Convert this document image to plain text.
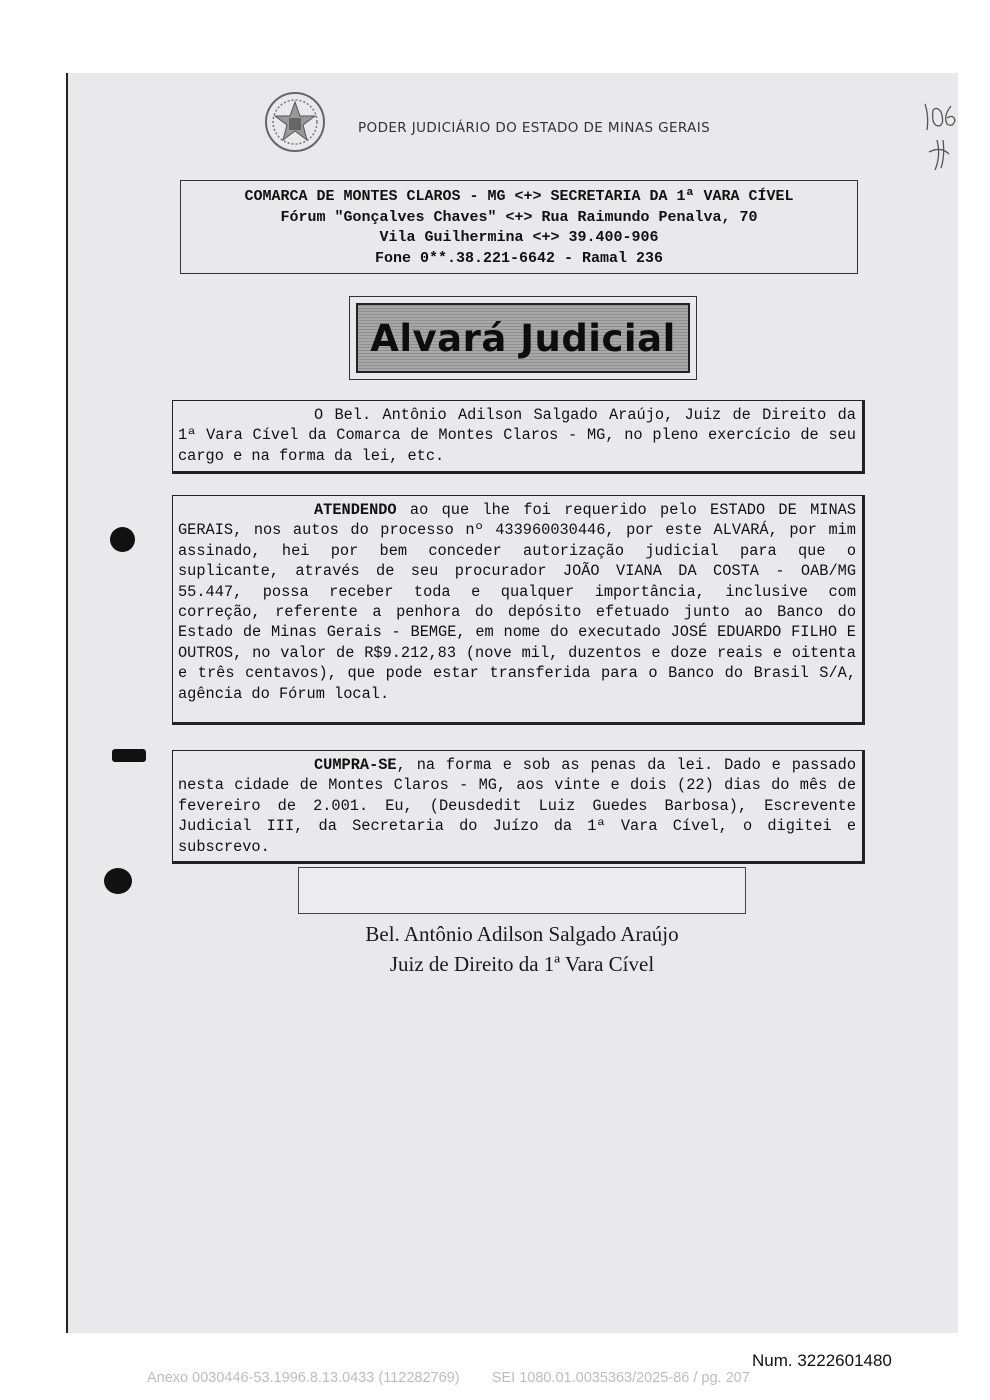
PODER JUDICIÁRIO DO ESTADO DE MINAS GERAIS
COMARCA DE MONTES CLAROS - MG <+> SECRETARIA DA 1ª VARA CÍVEL
Fórum "Gonçalves Chaves" <+> Rua Raimundo Penalva, 70
Vila Guilhermina <+> 39.400-906
Fone 0**.38.221-6642 - Ramal 236
Alvará Judicial

O Bel. Antônio Adilson Salgado Araújo, Juiz de Direito da 1ª Vara Cível da Comarca de Montes Claros - MG, no pleno exercício de seu cargo e na forma da lei, etc.

ATENDENDO ao que lhe foi requerido pelo ESTADO DE MINAS GERAIS, nos autos do processo nº 433960030446, por este ALVARÁ, por mim assinado, hei por bem conceder autorização judicial para que o suplicante, através de seu procurador JOÃO VIANA DA COSTA - OAB/MG 55.447, possa receber toda e qualquer importância, inclusive com correção, referente a penhora do depósito efetuado junto ao Banco do Estado de Minas Gerais - BEMGE, em nome do executado JOSÉ EDUARDO FILHO E OUTROS, no valor de R$9.212,83 (nove mil, duzentos e doze reais e oitenta e três centavos), que pode estar transferida para o Banco do Brasil S/A, agência do Fórum local.

CUMPRA-SE, na forma e sob as penas da lei. Dado e passado nesta cidade de Montes Claros - MG, aos vinte e dois (22) dias do mês de fevereiro de 2.001. Eu, (Deusdedit Luiz Guedes Barbosa), Escrevente Judicial III, da Secretaria do Juízo da 1ª Vara Cível, o digitei e subscrevo.

Bel. Antônio Adilson Salgado Araújo
Juiz de Direito da 1ª Vara Cível
Num. 3222601480
Anexo 0030446-53.1996.8.13.0433 (112282769) SEI 1080.01.0035363/2025-86 / pg. 207
